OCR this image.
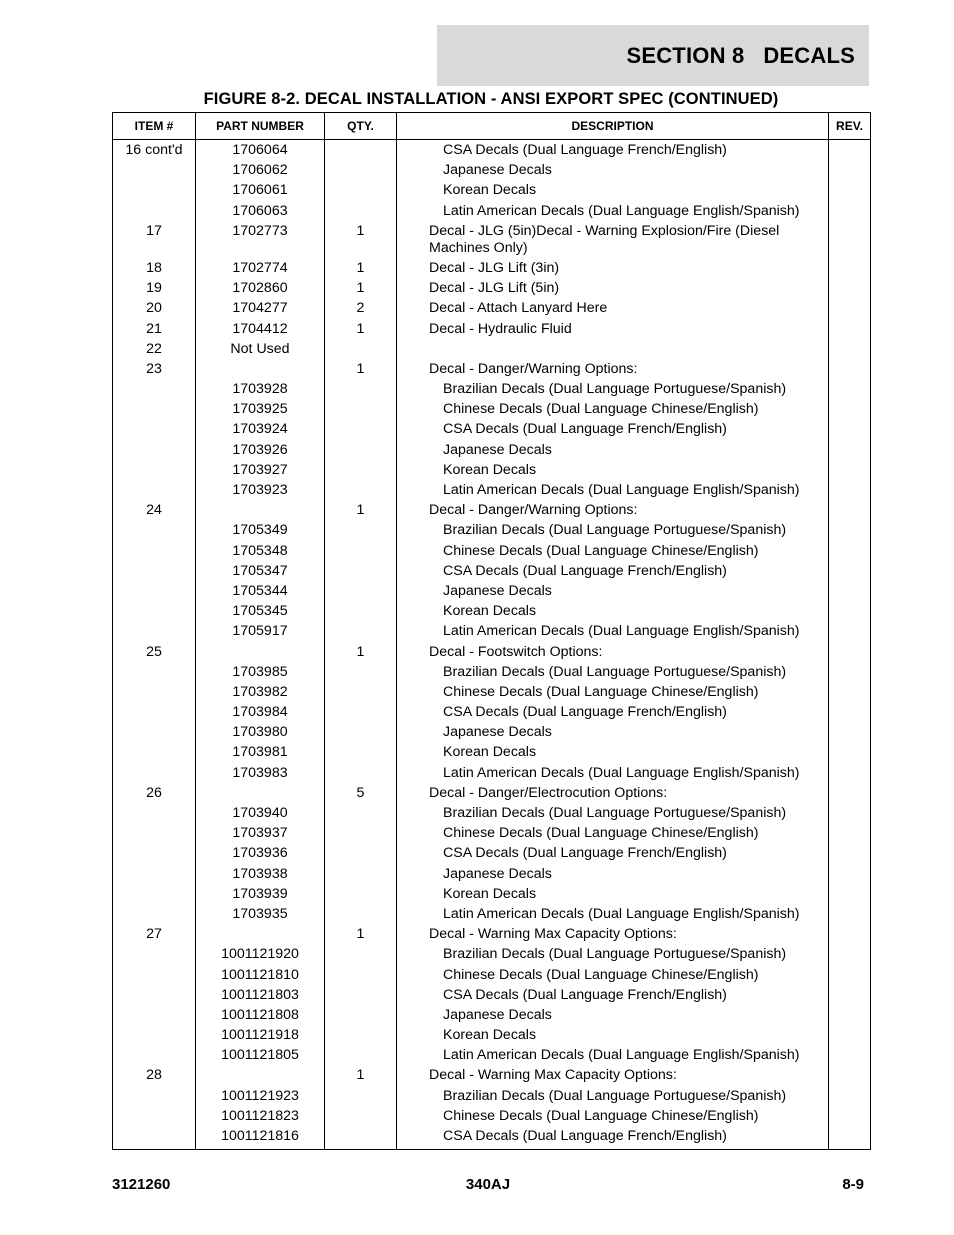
SECTION 8   DECALS
FIGURE 8-2. DECAL INSTALLATION - ANSI EXPORT SPEC (CONTINUED)
ITEM #	PART NUMBER	QTY.	DESCRIPTION	REV.
16 cont'd	1706064		CSA Decals (Dual Language French/English)	
	1706062		Japanese Decals	
	1706061		Korean Decals	
	1706063		Latin American Decals (Dual Language English/Spanish)	
17	1702773	1	Decal - JLG (5in)Decal - Warning Explosion/Fire (Diesel Machines Only)	
18	1702774	1	Decal - JLG Lift (3in)	
19	1702860	1	Decal - JLG Lift (5in)	
20	1704277	2	Decal - Attach Lanyard Here	
21	1704412	1	Decal - Hydraulic Fluid	
22	Not Used			
23		1	Decal - Danger/Warning Options:	
	1703928		Brazilian Decals (Dual Language Portuguese/Spanish)	
	1703925		Chinese Decals (Dual Language Chinese/English)	
	1703924		CSA Decals (Dual Language French/English)	
	1703926		Japanese Decals	
	1703927		Korean Decals	
	1703923		Latin American Decals (Dual Language English/Spanish)	
24		1	Decal - Danger/Warning Options:	
	1705349		Brazilian Decals (Dual Language Portuguese/Spanish)	
	1705348		Chinese Decals (Dual Language Chinese/English)	
	1705347		CSA Decals (Dual Language French/English)	
	1705344		Japanese Decals	
	1705345		Korean Decals	
	1705917		Latin American Decals (Dual Language English/Spanish)	
25		1	Decal - Footswitch Options:	
	1703985		Brazilian Decals (Dual Language Portuguese/Spanish)	
	1703982		Chinese Decals (Dual Language Chinese/English)	
	1703984		CSA Decals (Dual Language French/English)	
	1703980		Japanese Decals	
	1703981		Korean Decals	
	1703983		Latin American Decals (Dual Language English/Spanish)	
26		5	Decal - Danger/Electrocution Options:	
	1703940		Brazilian Decals (Dual Language Portuguese/Spanish)	
	1703937		Chinese Decals (Dual Language Chinese/English)	
	1703936		CSA Decals (Dual Language French/English)	
	1703938		Japanese Decals	
	1703939		Korean Decals	
	1703935		Latin American Decals (Dual Language English/Spanish)	
27		1	Decal - Warning Max Capacity Options:	
	1001121920		Brazilian Decals (Dual Language Portuguese/Spanish)	
	1001121810		Chinese Decals (Dual Language Chinese/English)	
	1001121803		CSA Decals (Dual Language French/English)	
	1001121808		Japanese Decals	
	1001121918		Korean Decals	
	1001121805		Latin American Decals (Dual Language English/Spanish)	
28		1	Decal - Warning Max Capacity Options:	
	1001121923		Brazilian Decals (Dual Language Portuguese/Spanish)	
	1001121823		Chinese Decals (Dual Language Chinese/English)	
	1001121816		CSA Decals (Dual Language French/English)	
3121260	340AJ	8-9
